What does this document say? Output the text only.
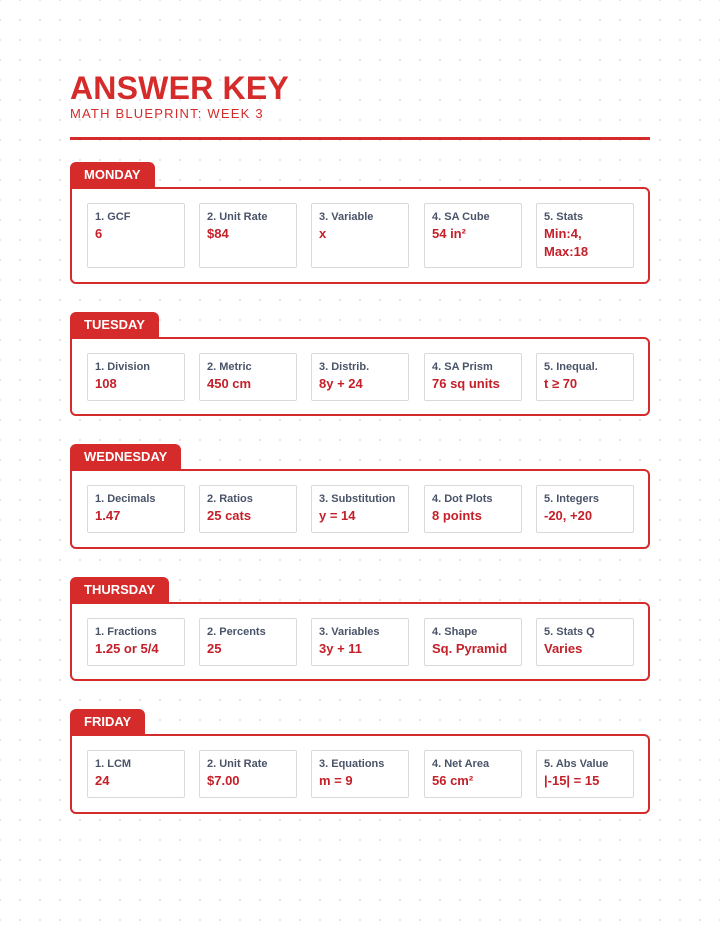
ANSWER KEY
MATH BLUEPRINT: WEEK 3
MONDAY
1. GCF
6
2. Unit Rate
$84
3. Variable
x
4. SA Cube
54 in²
5. Stats
Min:4,
Max:18
TUESDAY
1. Division
108
2. Metric
450 cm
3. Distrib.
8y + 24
4. SA Prism
76 sq units
5. Inequal.
t ≥ 70
WEDNESDAY
1. Decimals
1.47
2. Ratios
25 cats
3. Substitution
y = 14
4. Dot Plots
8 points
5. Integers
-20, +20
THURSDAY
1. Fractions
1.25 or 5/4
2. Percents
25
3. Variables
3y + 11
4. Shape
Sq. Pyramid
5. Stats Q
Varies
FRIDAY
1. LCM
24
2. Unit Rate
$7.00
3. Equations
m = 9
4. Net Area
56 cm²
5. Abs Value
|-15| = 15
